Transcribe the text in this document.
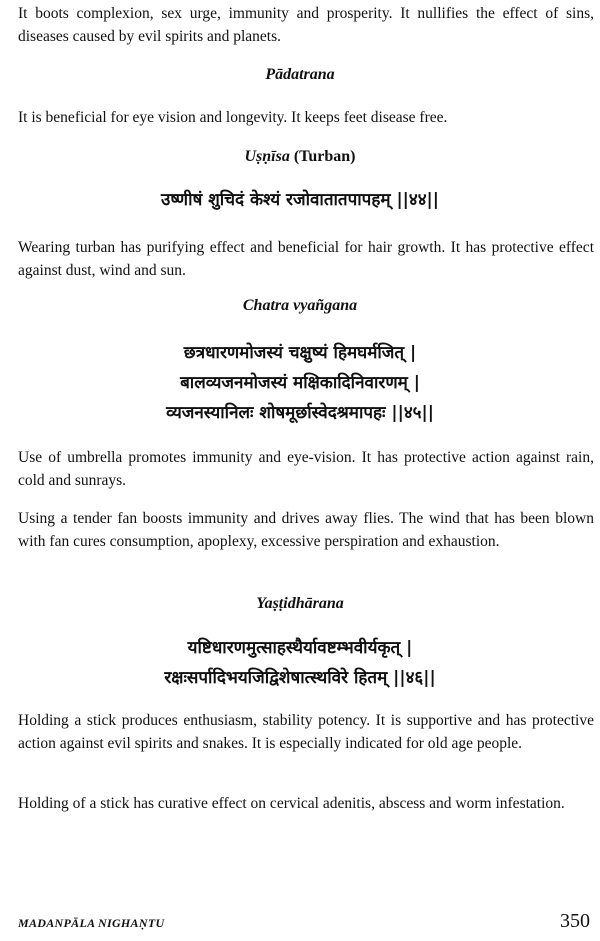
It boots complexion, sex urge, immunity and prosperity. It nullifies the effect of sins, diseases caused by evil spirits and planets.

Pādatrana

It is beneficial for eye vision and longevity. It keeps feet disease free.

Uṣṇīsa (Turban)

उष्णीषं शुचिदं केश्यं रजोवातातपापहम् ||४४||

Wearing turban has purifying effect and beneficial for hair growth. It has protective effect against dust, wind and sun.

Chatra vyañgana

छत्रधारणमोजस्यं चक्षुष्यं हिमघर्मजित् |

बालव्यजनमोजस्यं मक्षिकादिनिवारणम् |

व्यजनस्यानिलः शोषमूर्छास्वेदश्रमापहः ||४५||

Use of umbrella promotes immunity and eye-vision. It has protective action against rain, cold and sunrays.

Using a tender fan boosts immunity and drives away flies. The wind that has been blown with fan cures consumption, apoplexy, excessive perspiration and exhaustion.

Yaṣṭidhārana

यष्टिधारणमुत्साहस्थैर्यावष्टम्भवीर्यकृत् |

रक्षःसर्पादिभयजिद्विशेषात्स्थविरे हितम् ||४६||

Holding a stick produces enthusiasm, stability potency. It is supportive and has protective action against evil spirits and snakes. It is especially indicated for old age people.

Holding of a stick has curative effect on cervical adenitis, abscess and worm infestation.

MADANPĀLA NIGHAṆTU	350
